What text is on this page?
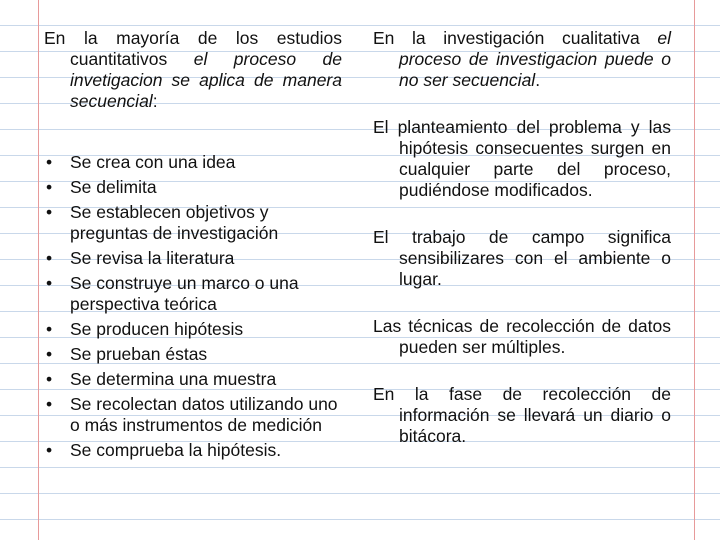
En la mayoría de los estudios cuantitativos el proceso de invetigacion se aplica de manera secuencial:
• Se crea con una idea
• Se delimita
• Se establecen objetivos y preguntas de investigación
• Se revisa la literatura
• Se construye un marco o una perspectiva teórica
• Se producen hipótesis
• Se prueban éstas
• Se determina una muestra
• Se recolectan datos utilizando uno o más instrumentos de medición
• Se comprueba la hipótesis.
En la investigación cualitativa el proceso de investigacion puede o no ser secuencial.
El planteamiento del problema y las hipótesis consecuentes surgen en cualquier parte del proceso, pudiéndose modificados.
El trabajo de campo significa sensibilizares con el ambiente o lugar.
Las técnicas de recolección de datos pueden ser múltiples.
En la fase de recolección de información se llevará un diario o bitácora.
